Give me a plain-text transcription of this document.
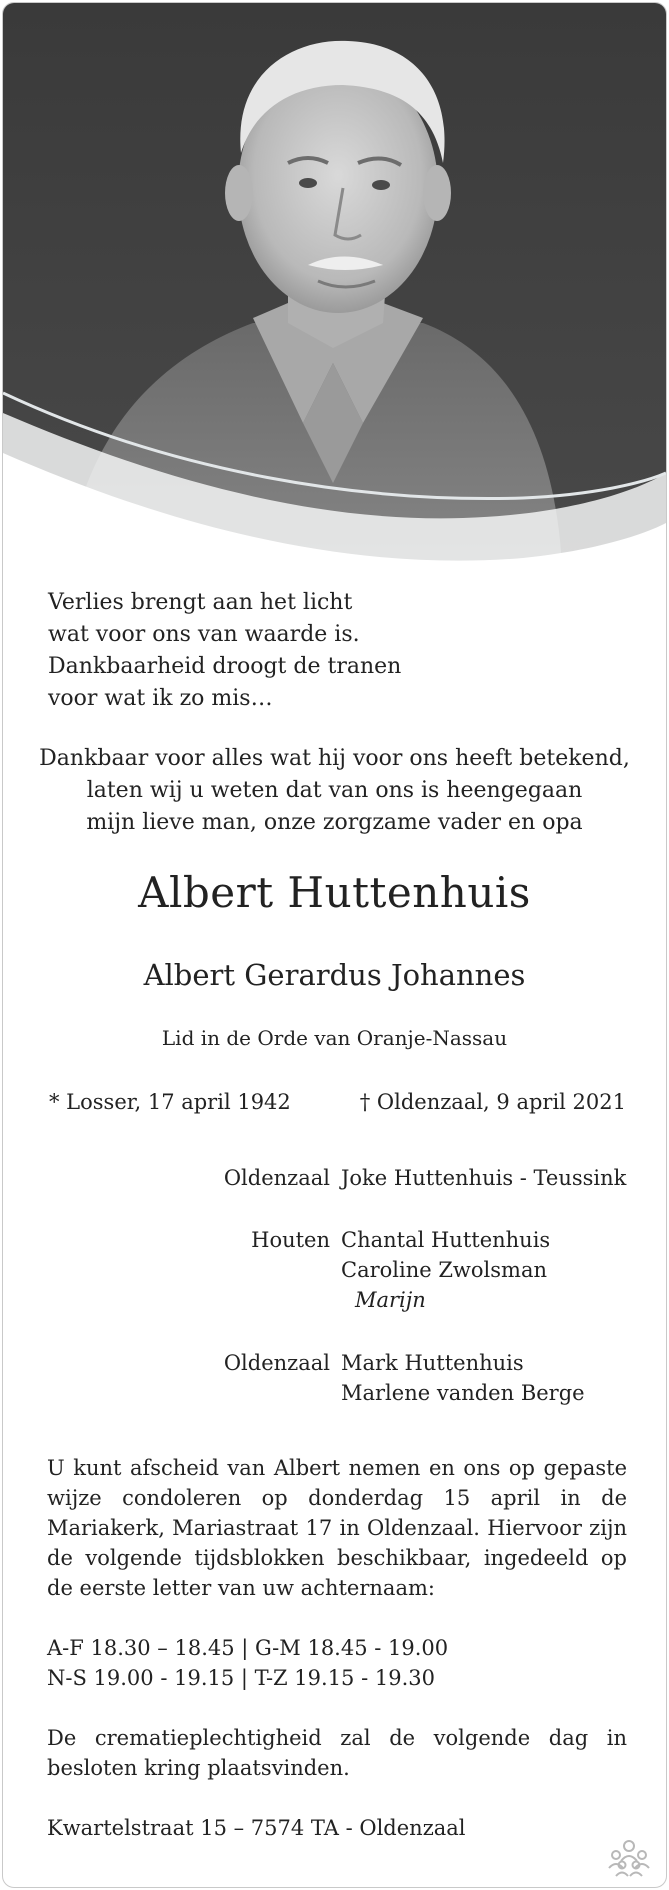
Verlies brengt aan het licht
wat voor ons van waarde is.
Dankbaarheid droogt de tranen
voor wat ik zo mis…
Dankbaar voor alles wat hij voor ons heeft betekend,
laten wij u weten dat van ons is heengegaan
mijn lieve man, onze zorgzame vader en opa
Albert Huttenhuis
Albert Gerardus Johannes
Lid in de Orde van Oranje-Nassau
* Losser, 17 april 1942	† Oldenzaal, 9 april 2021
Oldenzaal Joke Huttenhuis - Teussink
Houten Chantal Huttenhuis
Caroline Zwolsman
Marijn
Oldenzaal Mark Huttenhuis
Marlene vanden Berge
U kunt afscheid van Albert nemen en ons op gepaste wijze condoleren op donderdag 15 april in de Mariakerk, Mariastraat 17 in Oldenzaal. Hiervoor zijn de volgende tijdsblokken beschikbaar, ingedeeld op de eerste letter van uw achternaam:
A-F 18.30 – 18.45 | G-M 18.45 - 19.00
N-S 19.00 - 19.15 | T-Z 19.15 - 19.30
De crematieplechtigheid zal de volgende dag in besloten kring plaatsvinden.
Kwartelstraat 15 – 7574 TA - Oldenzaal
